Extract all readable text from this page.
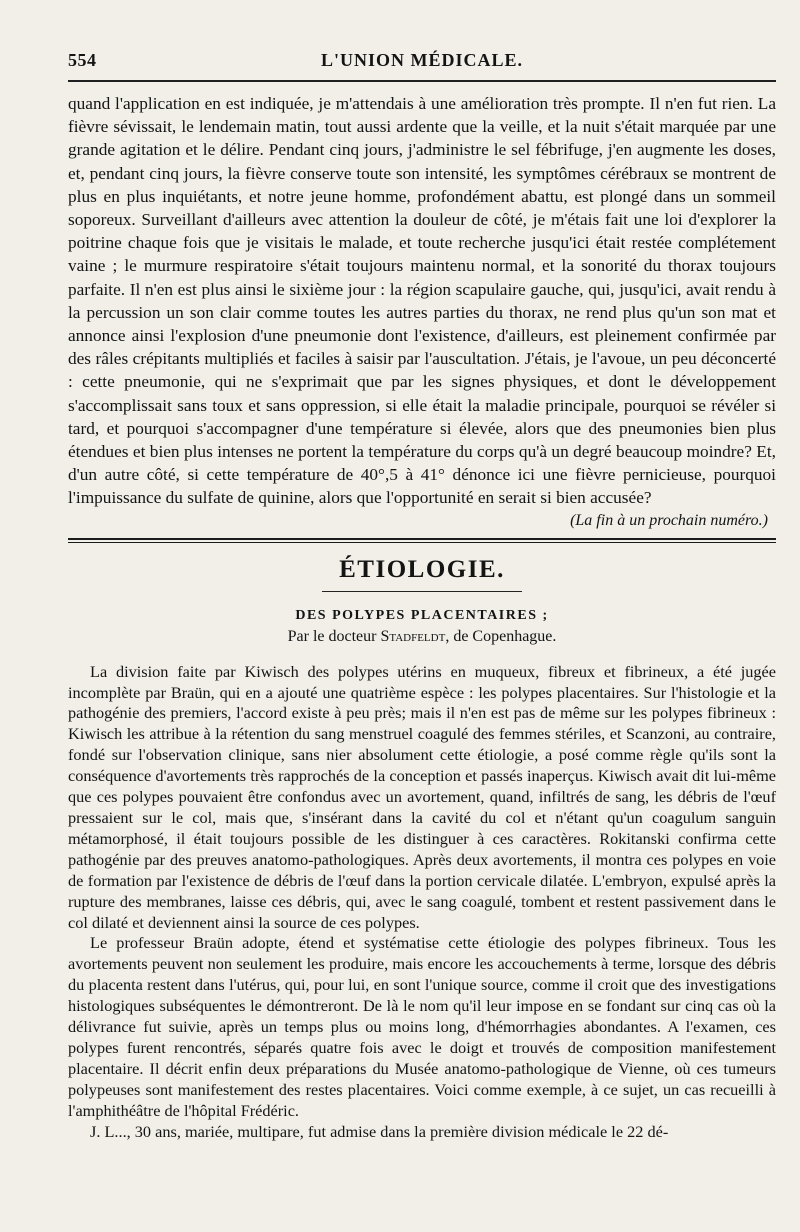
554	L'UNION MÉDICALE.

quand l'application en est indiquée, je m'attendais à une amélioration très prompte. Il n'en fut rien. La fièvre sévissait, le lendemain matin, tout aussi ardente que la veille, et la nuit s'était marquée par une grande agitation et le délire. Pendant cinq jours, j'administre le sel fébrifuge, j'en augmente les doses, et, pendant cinq jours, la fièvre conserve toute son intensité, les symptômes cérébraux se montrent de plus en plus inquiétants, et notre jeune homme, profondément abattu, est plongé dans un sommeil soporeux. Surveillant d'ailleurs avec attention la douleur de côté, je m'étais fait une loi d'explorer la poitrine chaque fois que je visitais le malade, et toute recherche jusqu'ici était restée complétement vaine ; le murmure respiratoire s'était toujours maintenu normal, et la sonorité du thorax toujours parfaite. Il n'en est plus ainsi le sixième jour : la région scapulaire gauche, qui, jusqu'ici, avait rendu à la percussion un son clair comme toutes les autres parties du thorax, ne rend plus qu'un son mat et annonce ainsi l'explosion d'une pneumonie dont l'existence, d'ailleurs, est pleinement confirmée par des râles crépitants multipliés et faciles à saisir par l'auscultation. J'étais, je l'avoue, un peu déconcerté : cette pneumonie, qui ne s'exprimait que par les signes physiques, et dont le développement s'accomplissait sans toux et sans oppression, si elle était la maladie principale, pourquoi se révéler si tard, et pourquoi s'accompagner d'une température si élevée, alors que des pneumonies bien plus étendues et bien plus intenses ne portent la température du corps qu'à un degré beaucoup moindre? Et, d'un autre côté, si cette température de 40°,5 à 41° dénonce ici une fièvre pernicieuse, pourquoi l'impuissance du sulfate de quinine, alors que l'opportunité en serait si bien accusée?

(La fin à un prochain numéro.)
ÉTIOLOGIE.
DES POLYPES PLACENTAIRES ;
Par le docteur Stadfeldt, de Copenhague.

La division faite par Kiwisch des polypes utérins en muqueux, fibreux et fibrineux, a été jugée incomplète par Braün, qui en a ajouté une quatrième espèce : les polypes placentaires. Sur l'histologie et la pathogénie des premiers, l'accord existe à peu près; mais il n'en est pas de même sur les polypes fibrineux : Kiwisch les attribue à la rétention du sang menstruel coagulé des femmes stériles, et Scanzoni, au contraire, fondé sur l'observation clinique, sans nier absolument cette étiologie, a posé comme règle qu'ils sont la conséquence d'avortements très rapprochés de la conception et passés inaperçus. Kiwisch avait dit lui-même que ces polypes pouvaient être confondus avec un avortement, quand, infiltrés de sang, les débris de l'œuf pressaient sur le col, mais que, s'insérant dans la cavité du col et n'étant qu'un coagulum sanguin métamorphosé, il était toujours possible de les distinguer à ces caractères. Rokitanski confirma cette pathogénie par des preuves anatomo-pathologiques. Après deux avortements, il montra ces polypes en voie de formation par l'existence de débris de l'œuf dans la portion cervicale dilatée. L'embryon, expulsé après la rupture des membranes, laisse ces débris, qui, avec le sang coagulé, tombent et restent passivement dans le col dilaté et deviennent ainsi la source de ces polypes.

Le professeur Braün adopte, étend et systématise cette étiologie des polypes fibrineux. Tous les avortements peuvent non seulement les produire, mais encore les accouchements à terme, lorsque des débris du placenta restent dans l'utérus, qui, pour lui, en sont l'unique source, comme il croit que des investigations histologiques subséquentes le démontreront. De là le nom qu'il leur impose en se fondant sur cinq cas où la délivrance fut suivie, après un temps plus ou moins long, d'hémorrhagies abondantes. A l'examen, ces polypes furent rencontrés, séparés quatre fois avec le doigt et trouvés de composition manifestement placentaire. Il décrit enfin deux préparations du Musée anatomo-pathologique de Vienne, où ces tumeurs polypeuses sont manifestement des restes placentaires. Voici comme exemple, à ce sujet, un cas recueilli à l'amphithéâtre de l'hôpital Frédéric.

J. L..., 30 ans, mariée, multipare, fut admise dans la première division médicale le 22 dé-
